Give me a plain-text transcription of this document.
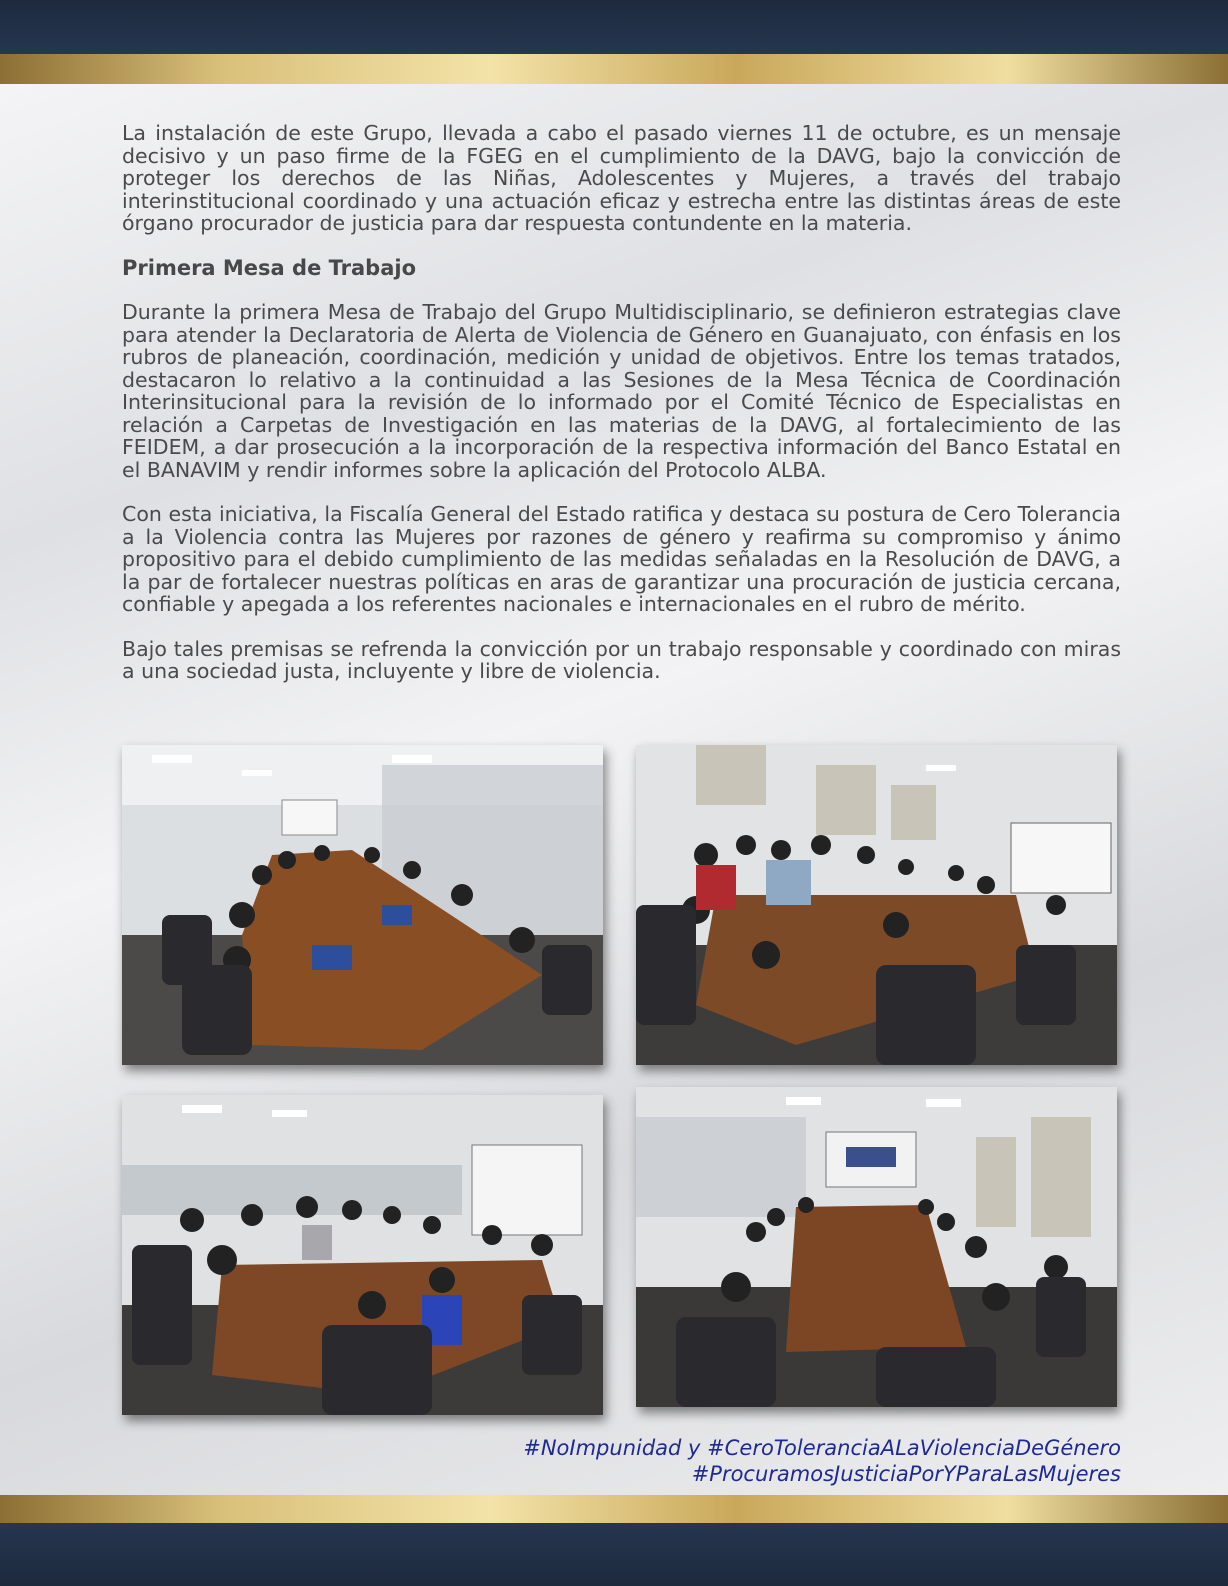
La instalación de este Grupo, llevada a cabo el pasado viernes 11 de octubre, es un mensaje decisivo y un paso firme de la FGEG en el cumplimiento de la DAVG, bajo la convicción de proteger los derechos de las Niñas, Adolescentes y Mujeres, a través del trabajo interinstitucional coordinado y una actuación eficaz y estrecha entre las distintas áreas de este órgano procurador de justicia para dar respuesta contundente en la materia.

Primera Mesa de Trabajo

Durante la primera Mesa de Trabajo del Grupo Multidisciplinario, se definieron estrategias clave para atender la Declaratoria de Alerta de Violencia de Género en Guanajuato, con énfasis en los rubros de planeación, coordinación, medición y unidad de objetivos. Entre los temas tratados, destacaron lo relativo a la continuidad a las Sesiones de la Mesa Técnica de Coordinación Interinsitucional para la revisión de lo informado por el Comité Técnico de Especialistas en relación a Carpetas de Investigación en las materias de la DAVG, al fortalecimiento de las FEIDEM, a dar prosecución a la incorporación de la respectiva información del Banco Estatal en el BANAVIM y rendir informes sobre la aplicación del Protocolo ALBA.

Con esta iniciativa, la Fiscalía General del Estado ratifica y destaca su postura de Cero Tolerancia a la Violencia contra las Mujeres por razones de género y reafirma su compromiso y ánimo propositivo para el debido cumplimiento de las medidas señaladas en la Resolución de DAVG, a la par de fortalecer nuestras políticas en aras de garantizar una procuración de justicia cercana, confiable y apegada a los referentes nacionales e internacionales en el rubro de mérito.

Bajo tales premisas se refrenda la convicción por un trabajo responsable y coordinado con miras a una sociedad justa, incluyente y libre de violencia.

#NoImpunidad y #CeroToleranciaALaViolenciaDeGénero
#ProcuramosJusticiaPorYParaLasMujeres
